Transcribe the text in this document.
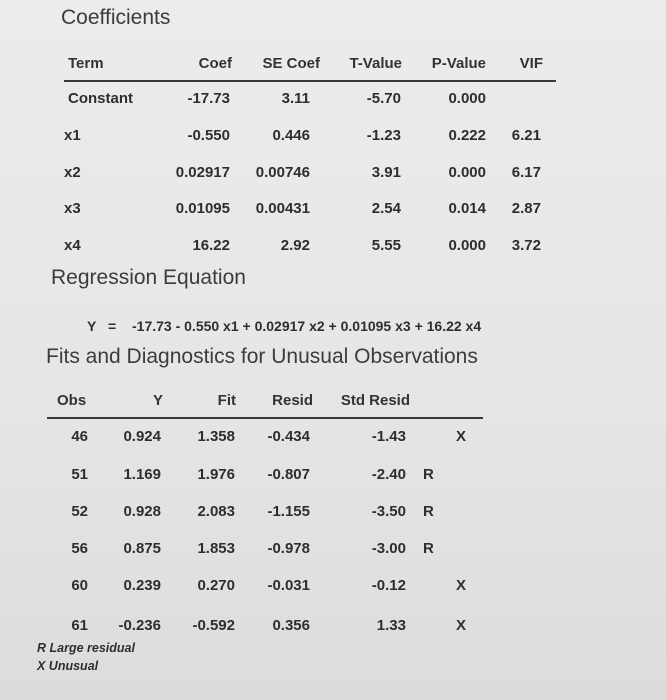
Coefficients
Term	Coef	SE Coef	T-Value	P-Value	VIF
Constant	-17.73	3.11	-5.70	0.000
x1	-0.550	0.446	-1.23	0.222	6.21
x2	0.02917	0.00746	3.91	0.000	6.17
x3	0.01095	0.00431	2.54	0.014	2.87
x4	16.22	2.92	5.55	0.000	3.72
Regression Equation
Y = -17.73 - 0.550 x1 + 0.02917 x2 + 0.01095 x3 + 16.22 x4
Fits and Diagnostics for Unusual Observations
Obs	Y	Fit	Resid	Std Resid
46	0.924	1.358	-0.434	-1.43	X
51	1.169	1.976	-0.807	-2.40 R
52	0.928	2.083	-1.155	-3.50 R
56	0.875	1.853	-0.978	-3.00 R
60	0.239	0.270	-0.031	-0.12	X
61	-0.236	-0.592	0.356	1.33	X
R Large residual
X Unusual
